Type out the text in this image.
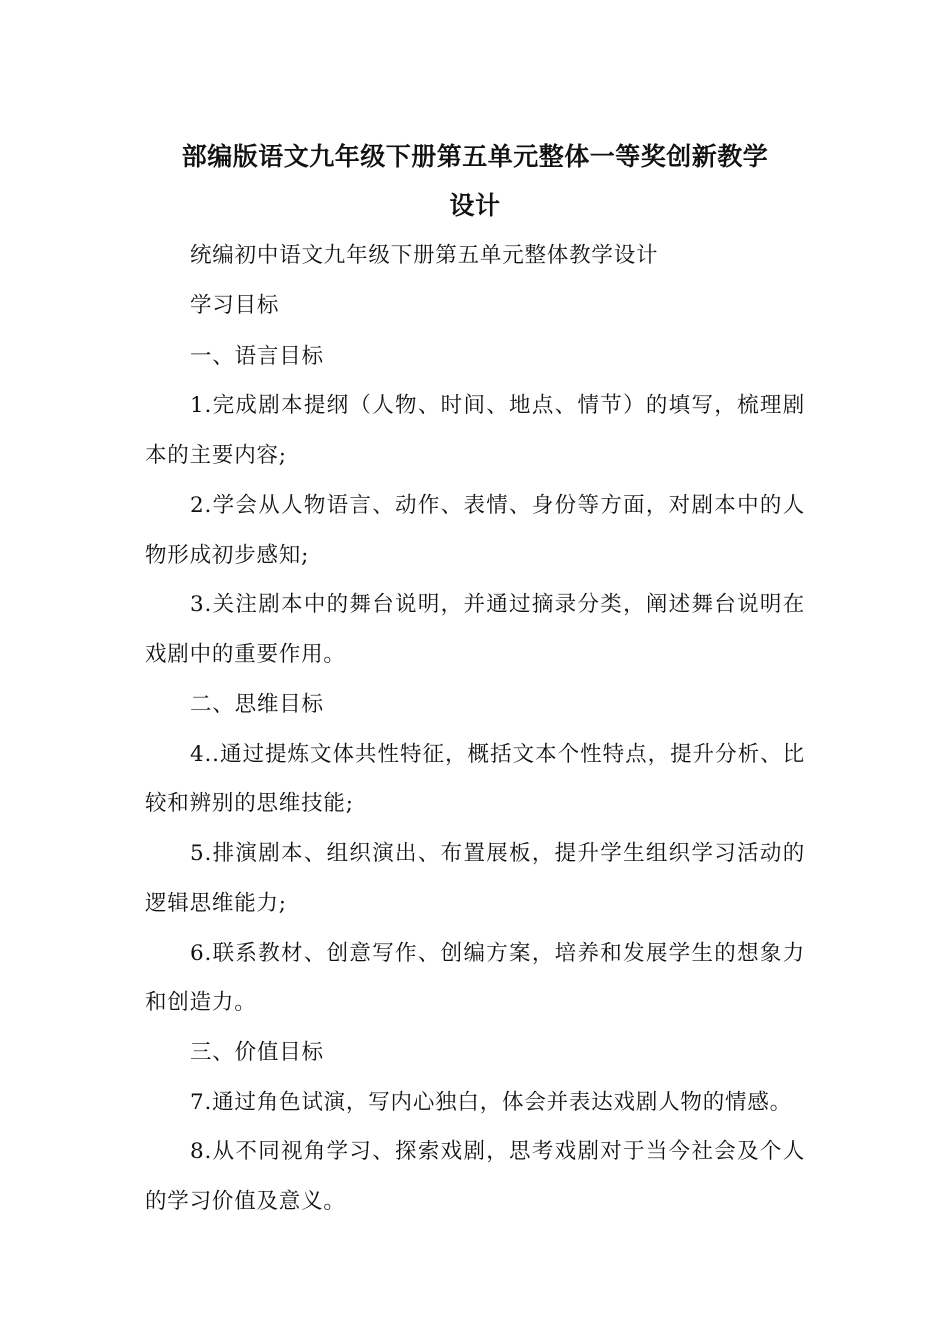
部编版语文九年级下册第五单元整体一等奖创新教学
设计
统编初中语文九年级下册第五单元整体教学设计
学习目标
一、语言目标
1.完成剧本提纲（人物、时间、地点、情节）的填写，梳理剧
本的主要内容;
2.学会从人物语言、动作、表情、身份等方面，对剧本中的人
物形成初步感知;
3.关注剧本中的舞台说明，并通过摘录分类，阐述舞台说明在
戏剧中的重要作用。
二、思维目标
4..通过提炼文体共性特征，概括文本个性特点，提升分析、比
较和辨别的思维技能;
5.排演剧本、组织演出、布置展板，提升学生组织学习活动的
逻辑思维能力;
6.联系教材、创意写作、创编方案，培养和发展学生的想象力
和创造力。
三、价值目标
7.通过角色试演，写内心独白，体会并表达戏剧人物的情感。
8.从不同视角学习、探索戏剧，思考戏剧对于当今社会及个人
的学习价值及意义。
